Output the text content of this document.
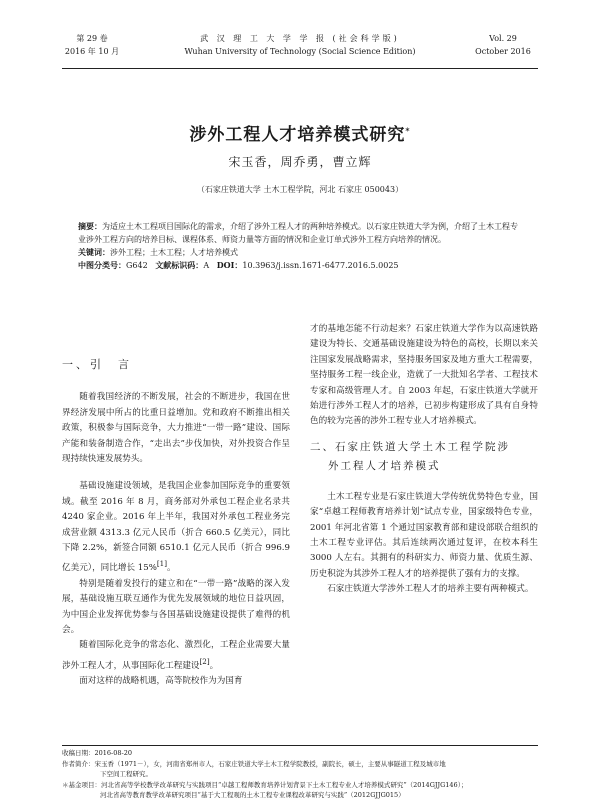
第 29 卷
2016 年 10 月
武 汉 理 工 大 学 学 报 (社会科学版)
Wuhan University of Technology (Social Science Edition)
Vol. 29
October 2016
涉外工程人才培养模式研究*
宋玉香，周乔勇，曹立辉
（石家庄铁道大学 土木工程学院，河北 石家庄 050043）

摘要：为适应土木工程项目国际化的需求，介绍了涉外工程人才的两种培养模式。以石家庄铁道大学为例，介绍了土木工程专业涉外工程方向的培养目标、课程体系、师资力量等方面的情况和企业订单式涉外工程方向培养的情况。

关键词：涉外工程；土木工程；人才培养模式

中图分类号：G642 文献标识码：A DOI：10.3963/j.issn.1671-6477.2016.5.0025

一、引　言

随着我国经济的不断发展，社会的不断进步，我国在世界经济发展中所占的比重日益增加。党和政府不断推出相关政策，积极参与国际竞争，大力推进“一带一路”建设、国际产能和装备制造合作，“走出去”步伐加快，对外投资合作呈现持续快速发展势头。

基础设施建设领域，是我国企业参加国际竞争的重要领域。截至 2016 年 8 月，商务部对外承包工程企业名录共 4240 家企业。2016 年上半年，我国对外承包工程业务完成营业额 4313.3 亿元人民币（折合 660.5 亿美元），同比下降 2.2%，新签合同额 6510.1 亿元人民币（折合 996.9 亿美元），同比增长 15%[1]。

特别是随着发投行的建立和在“一带一路”战略的深入发展，基础设施互联互通作为优先发展领域的地位日益巩固，为中国企业发挥优势参与各国基础设施建设提供了难得的机会。

随着国际化竞争的常态化、激烈化，工程企业需要大量涉外工程人才，从事国际化工程建设[2]。

面对这样的战略机遇，高等院校作为为国育

才的基地怎能不行动起来？石家庄铁道大学作为以高速铁路建设为特长、交通基础设施建设为特色的高校，长期以来关注国家发展战略需求，坚持服务国家及地方重大工程需要，坚持服务工程一线企业，造就了一大批知名学者、工程技术专家和高级管理人才。自 2003 年起，石家庄铁道大学就开始进行涉外工程人才的培养，已初步构建形成了具有自身特色的较为完善的涉外工程专业人才培养模式。

二、石家庄铁道大学土木工程学院涉

外工程人才培养模式

土木工程专业是石家庄铁道大学传统优势特色专业，国家“卓越工程师教育培养计划”试点专业，国家级特色专业，2001 年河北省第 1 个通过国家教育部和建设部联合组织的土木工程专业评估。其后连续两次通过复评，在校本科生 3000 人左右。其拥有的科研实力、师资力量、优质生源、历史积淀为其涉外工程人才的培养提供了强有力的支撑。

石家庄铁道大学涉外工程人才的培养主要有两种模式。

收稿日期：2016-08-20

作者简介：宋玉香（1971－），女，河南省郑州市人，石家庄铁道大学土木工程学院教授，副院长，硕士，主要从事隧道工程及城市地

下空间工程研究。

＊基金项目：河北省高等学校教学改革研究与实践项目“卓越工程师教育培养计划背景下土木工程专业人才培养模式研究”（2014GJJG146）；

河北省高等教育教学改革研究项目“基于大工程观的土木工程专业课程改革研究与实践”（2012GJJG015）
